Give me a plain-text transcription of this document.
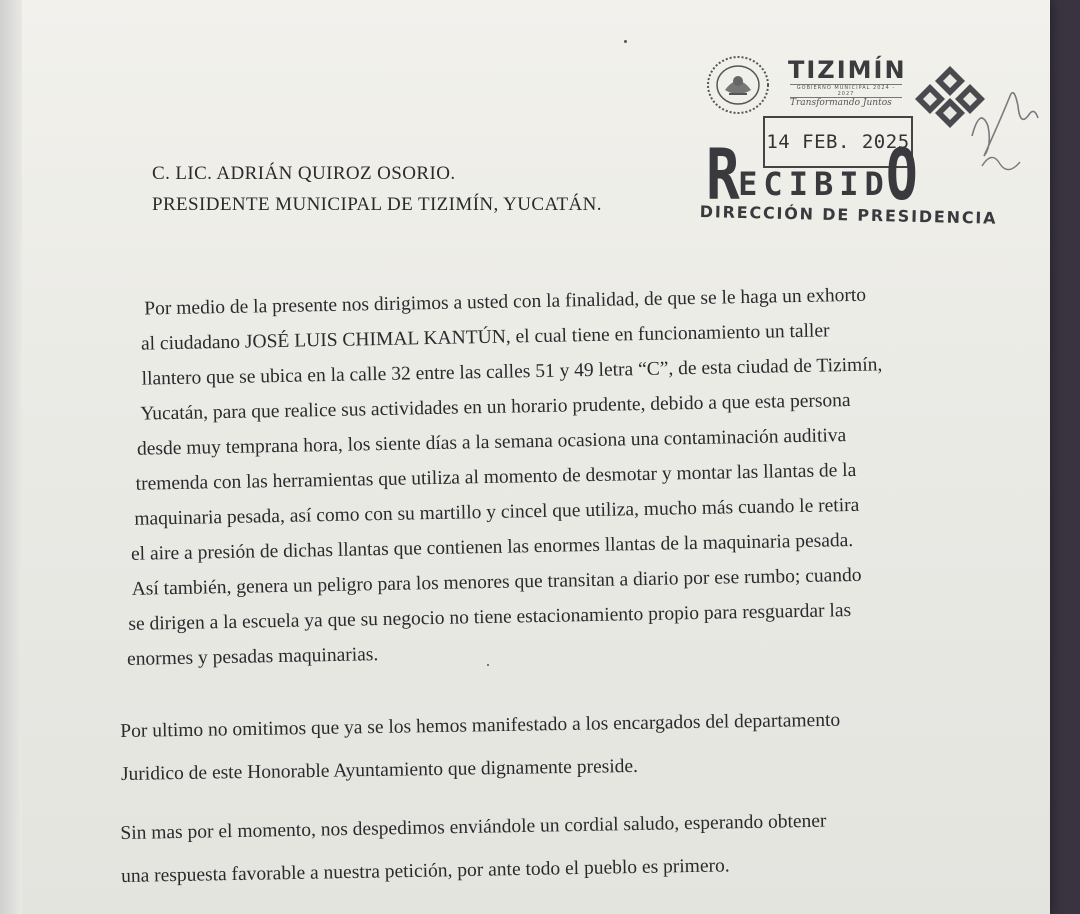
TIZIMÍN
GOBIERNO MUNICIPAL 2024 - 2027
Transformando Juntos
14 FEB. 2025
RECIBIDO
DIRECCIÓN DE PRESIDENCIA
C. LIC. ADRIÁN QUIROZ OSORIO.
PRESIDENTE MUNICIPAL DE TIZIMÍN, YUCATÁN.
Por medio de la presente nos dirigimos a usted con la finalidad, de que se le haga un exhorto
al ciudadano JOSÉ LUIS CHIMAL KANTÚN, el cual tiene en funcionamiento un taller
llantero que se ubica en la calle 32 entre las calles 51 y 49 letra “C”, de esta ciudad de Tizimín,
Yucatán, para que realice sus actividades en un horario prudente, debido a que esta persona
desde muy temprana hora, los siente días a la semana ocasiona una contaminación auditiva
tremenda con las herramientas que utiliza al momento de desmotar y montar las llantas de la
maquinaria pesada, así como con su martillo y cincel que utiliza, mucho más cuando le retira
el aire a presión de dichas llantas que contienen las enormes llantas de la maquinaria pesada.
Así también, genera un peligro para los menores que transitan a diario por ese rumbo; cuando
se dirigen a la escuela ya que su negocio no tiene estacionamiento propio para resguardar las
enormes y pesadas maquinarias.
Por ultimo no omitimos que ya se los hemos manifestado a los encargados del departamento
Juridico de este Honorable Ayuntamiento que dignamente preside.
Sin mas por el momento, nos despedimos enviándole un cordial saludo, esperando obtener
una respuesta favorable a nuestra petición, por ante todo el pueblo es primero.
